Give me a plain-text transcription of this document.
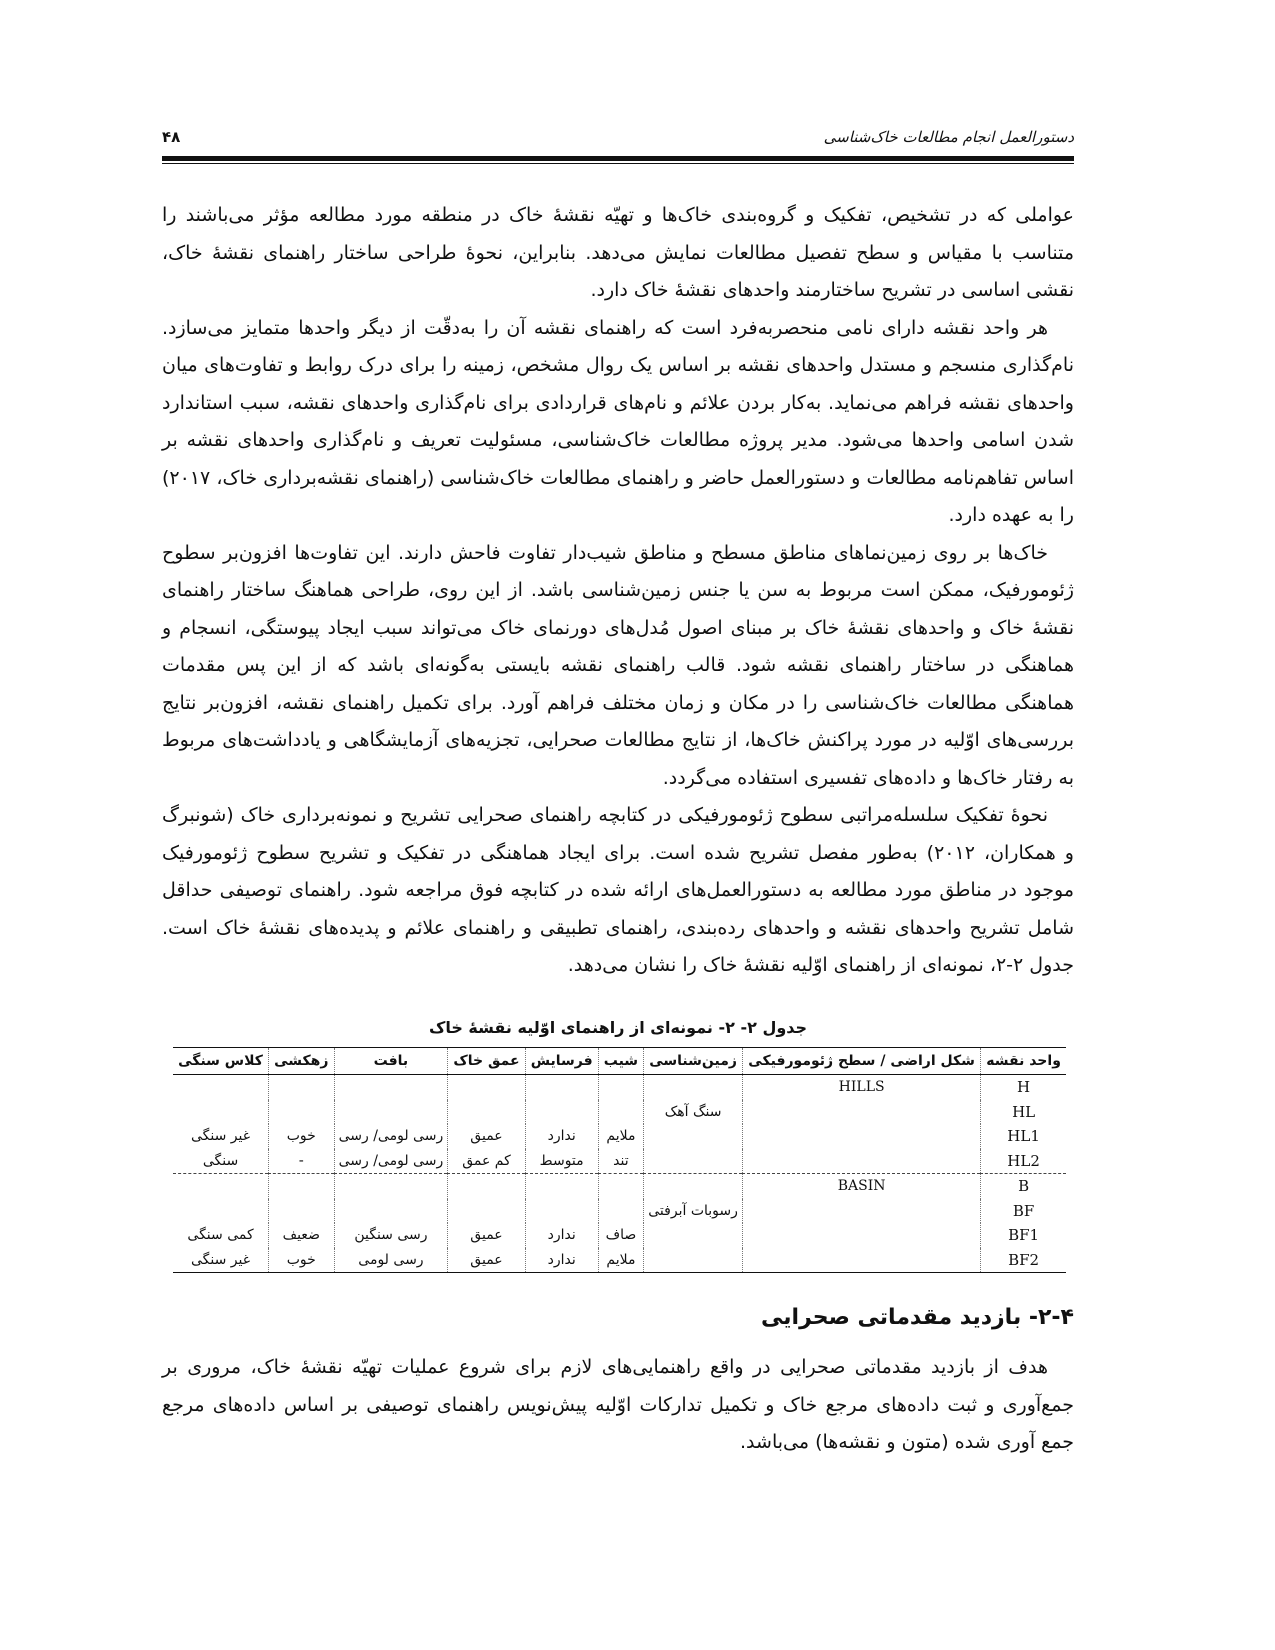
دستورالعمل انجام مطالعات خاک‌شناسی
۴۸

عواملی که در تشخیص، تفکیک و گروه‌بندی خاک‌ها و تهیّه نقشهٔ خاک در منطقه مورد مطالعه مؤثر می‌باشند را متناسب با مقیاس و سطح تفصیل مطالعات نمایش می‌دهد. بنابراین، نحوهٔ طراحی ساختار راهنمای نقشهٔ خاک، نقشی اساسی در تشریح ساختارمند واحدهای نقشهٔ خاک دارد.

هر واحد نقشه دارای نامی منحصربه‌فرد است که راهنمای نقشه آن را به‌دقّت از دیگر واحدها متمایز می‌سازد. نام‌گذاری منسجم و مستدل واحدهای نقشه بر اساس یک روال مشخص، زمینه را برای درک روابط و تفاوت‌های میان واحدهای نقشه فراهم می‌نماید. به‌کار بردن علائم و نام‌های قراردادی برای نام‌گذاری واحدهای نقشه، سبب استاندارد شدن اسامی واحدها می‌شود. مدیر پروژه مطالعات خاک‌شناسی، مسئولیت تعریف و نام‌گذاری واحدهای نقشه بر اساس تفاهم‌نامه مطالعات و دستورالعمل حاضر و راهنمای مطالعات خاک‌شناسی (راهنمای نقشه‌برداری خاک، ۲۰۱۷) را به عهده دارد.

خاک‌ها بر روی زمین‌نماهای مناطق مسطح و مناطق شیب‌دار تفاوت فاحش دارند. این تفاوت‌ها افزون‌بر سطوح ژئومورفیک، ممکن است مربوط به سن یا جنس زمین‌شناسی باشد. از این روی، طراحی هماهنگ ساختار راهنمای نقشهٔ خاک و واحدهای نقشهٔ خاک بر مبنای اصول مُدل‌های دورنمای خاک می‌تواند سبب ایجاد پیوستگی، انسجام و هماهنگی در ساختار راهنمای نقشه شود. قالب راهنمای نقشه بایستی به‌گونه‌ای باشد که از این پس مقدمات هماهنگی مطالعات خاک‌شناسی را در مکان و زمان مختلف فراهم آورد. برای تکمیل راهنمای نقشه، افزون‌بر نتایج بررسی‌های اوّلیه در مورد پراکنش خاک‌ها، از نتایج مطالعات صحرایی، تجزیه‌های آزمایشگاهی و یادداشت‌های مربوط به رفتار خاک‌ها و داده‌های تفسیری استفاده می‌گردد.

نحوهٔ تفکیک سلسله‌مراتبی سطوح ژئومورفیکی در کتابچه راهنمای صحرایی تشریح و نمونه‌برداری خاک (شونبرگ و همکاران، ۲۰۱۲) به‌طور مفصل تشریح شده است. برای ایجاد هماهنگی در تفکیک و تشریح سطوح ژئومورفیک موجود در مناطق مورد مطالعه به دستورالعمل‌های ارائه شده در کتابچه فوق مراجعه شود. راهنمای توصیفی حداقل شامل تشریح واحدهای نقشه و واحدهای رده‌بندی، راهنمای تطبیقی و راهنمای علائم و پدیده‌های نقشهٔ خاک است. جدول ۲-۲، نمونه‌ای از راهنمای اوّلیه نقشهٔ خاک را نشان می‌دهد.

جدول ۲- ۲- نمونه‌ای از راهنمای اوّلیه نقشهٔ خاک
واحد نقشه	شکل اراضی / سطح ژئومورفیکی	زمین‌شناسی	شیب	فرسایش	عمق خاک	بافت	زهکشی	کلاس سنگی
H	HILLS							
HL		سنگ آهک						
HL1			ملایم	ندارد	عمیق	رسی لومی/ رسی	خوب	غیر سنگی
HL2			تند	متوسط	کم عمق	رسی لومی/ رسی	-	سنگی
B	BASIN							
BF		رسوبات آبرفتی						
BF1			صاف	ندارد	عمیق	رسی سنگین	ضعیف	کمی سنگی
BF2			ملایم	ندارد	عمیق	رسی لومی	خوب	غیر سنگی
۲-۴- بازدید مقدماتی صحرایی

هدف از بازدید مقدماتی صحرایی در واقع راهنمایی‌های لازم برای شروع عملیات تهیّه نقشهٔ خاک، مروری بر جمع‌آوری و ثبت داده‌های مرجع خاک و تکمیل تدارکات اوّلیه پیش‌نویس راهنمای توصیفی بر اساس داده‌های مرجع جمع آوری شده (متون و نقشه‌ها) می‌باشد.
